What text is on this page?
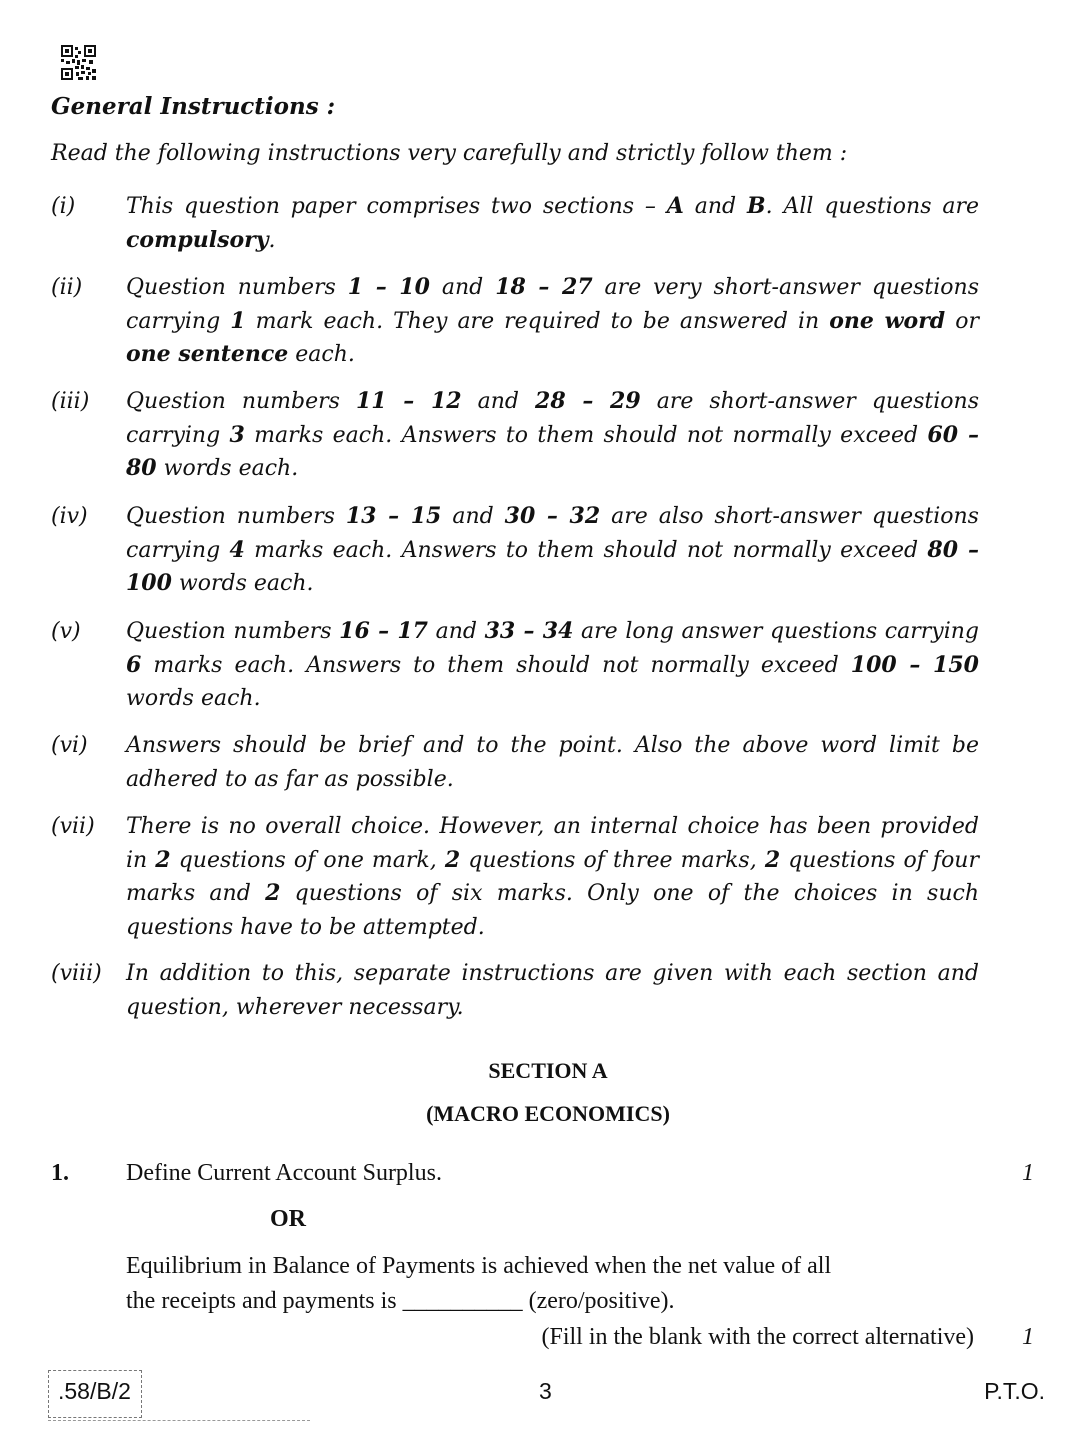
General Instructions :
Read the following instructions very carefully and strictly follow them :
(i)	This question paper comprises two sections – A and B. All questions are compulsory.
(ii)	Question numbers 1 – 10 and 18 – 27 are very short-answer questions carrying 1 mark each. They are required to be answered in one word or one sentence each.
(iii)	Question numbers 11 – 12 and 28 – 29 are short-answer questions carrying 3 marks each. Answers to them should not normally exceed 60 – 80 words each.
(iv)	Question numbers 13 – 15 and 30 – 32 are also short-answer questions carrying 4 marks each. Answers to them should not normally exceed 80 – 100 words each.
(v)	Question numbers 16 – 17 and 33 – 34 are long answer questions carrying 6 marks each. Answers to them should not normally exceed 100 – 150 words each.
(vi)	Answers should be brief and to the point. Also the above word limit be adhered to as far as possible.
(vii)	There is no overall choice. However, an internal choice has been provided in 2 questions of one mark, 2 questions of three marks, 2 questions of four marks and 2 questions of six marks. Only one of the choices in such questions have to be attempted.
(viii)	In addition to this, separate instructions are given with each section and question, wherever necessary.
SECTION A
(MACRO ECONOMICS)
1. Define Current Account Surplus.	1
OR
Equilibrium in Balance of Payments is achieved when the net value of all
the receipts and payments is __________ (zero/positive).
(Fill in the blank with the correct alternative) 1
.58/B/2	3	P.T.O.
